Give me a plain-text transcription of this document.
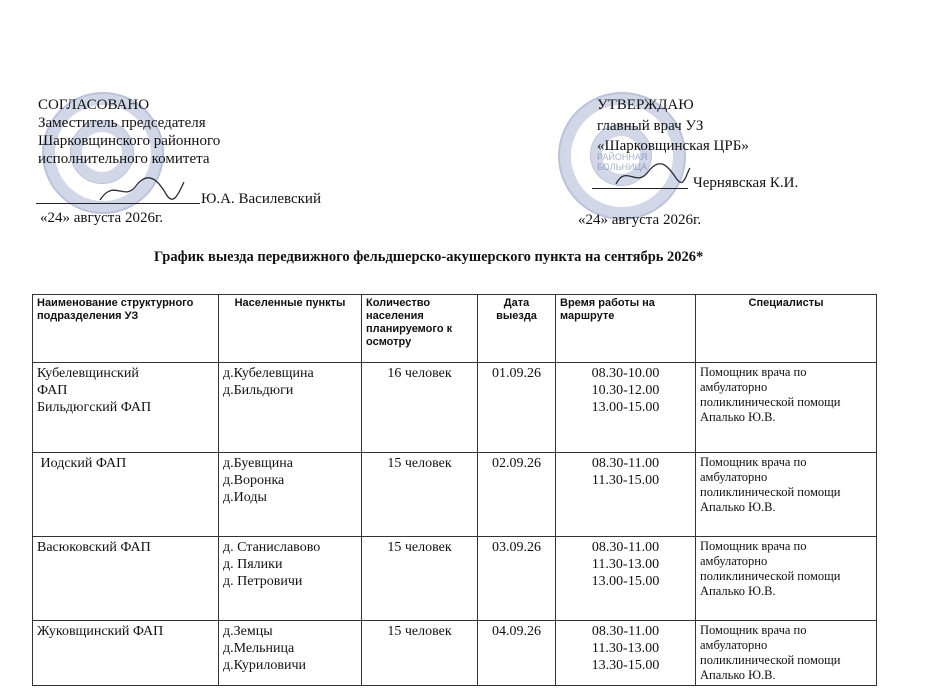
РАЙОННАЯ
БОЛЬНИЦА
СОГЛАСОВАНО
Заместитель председателя
Шарковщинского районного
исполнительного комитета
Ю.А. Василевский
«24» августа 2026г.
УТВЕРЖДАЮ
главный врач УЗ
«Шарковщинская ЦРБ»
Чернявская К.И.
«24» августа 2026г.
График выезда передвижного фельдшерско-акушерского пункта на сентябрь 2026*
Наименование структурного подразделения УЗ	Населенные пункты	Количество населения планируемого к осмотру	Дата выезда	Время работы на маршруте	Специалисты

Кубелевщинский
ФАП
Бильдюгский ФАП	д.Кубелевщина
д.Бильдюги	16 человек	01.09.26	08.30-10.00
10.30-12.00
13.00-15.00	Помощник врача по
амбулаторно
поликлинической помощи
Апалько Ю.В.

Иодский ФАП	д.Буевщина
д.Воронка
д.Иоды	15 человек	02.09.26	08.30-11.00
11.30-15.00	Помощник врача по
амбулаторно
поликлинической помощи
Апалько Ю.В.

Васюковский ФАП	д. Станиславово
д. Пялики
д. Петровичи	15 человек	03.09.26	08.30-11.00
11.30-13.00
13.00-15.00	Помощник врача по
амбулаторно
поликлинической помощи
Апалько Ю.В.

Жуковщинский ФАП	д.Земцы
д.Мельница
д.Куриловичи	15 человек	04.09.26	08.30-11.00
11.30-13.00
13.30-15.00	Помощник врача по
амбулаторно
поликлинической помощи
Апалько Ю.В.
